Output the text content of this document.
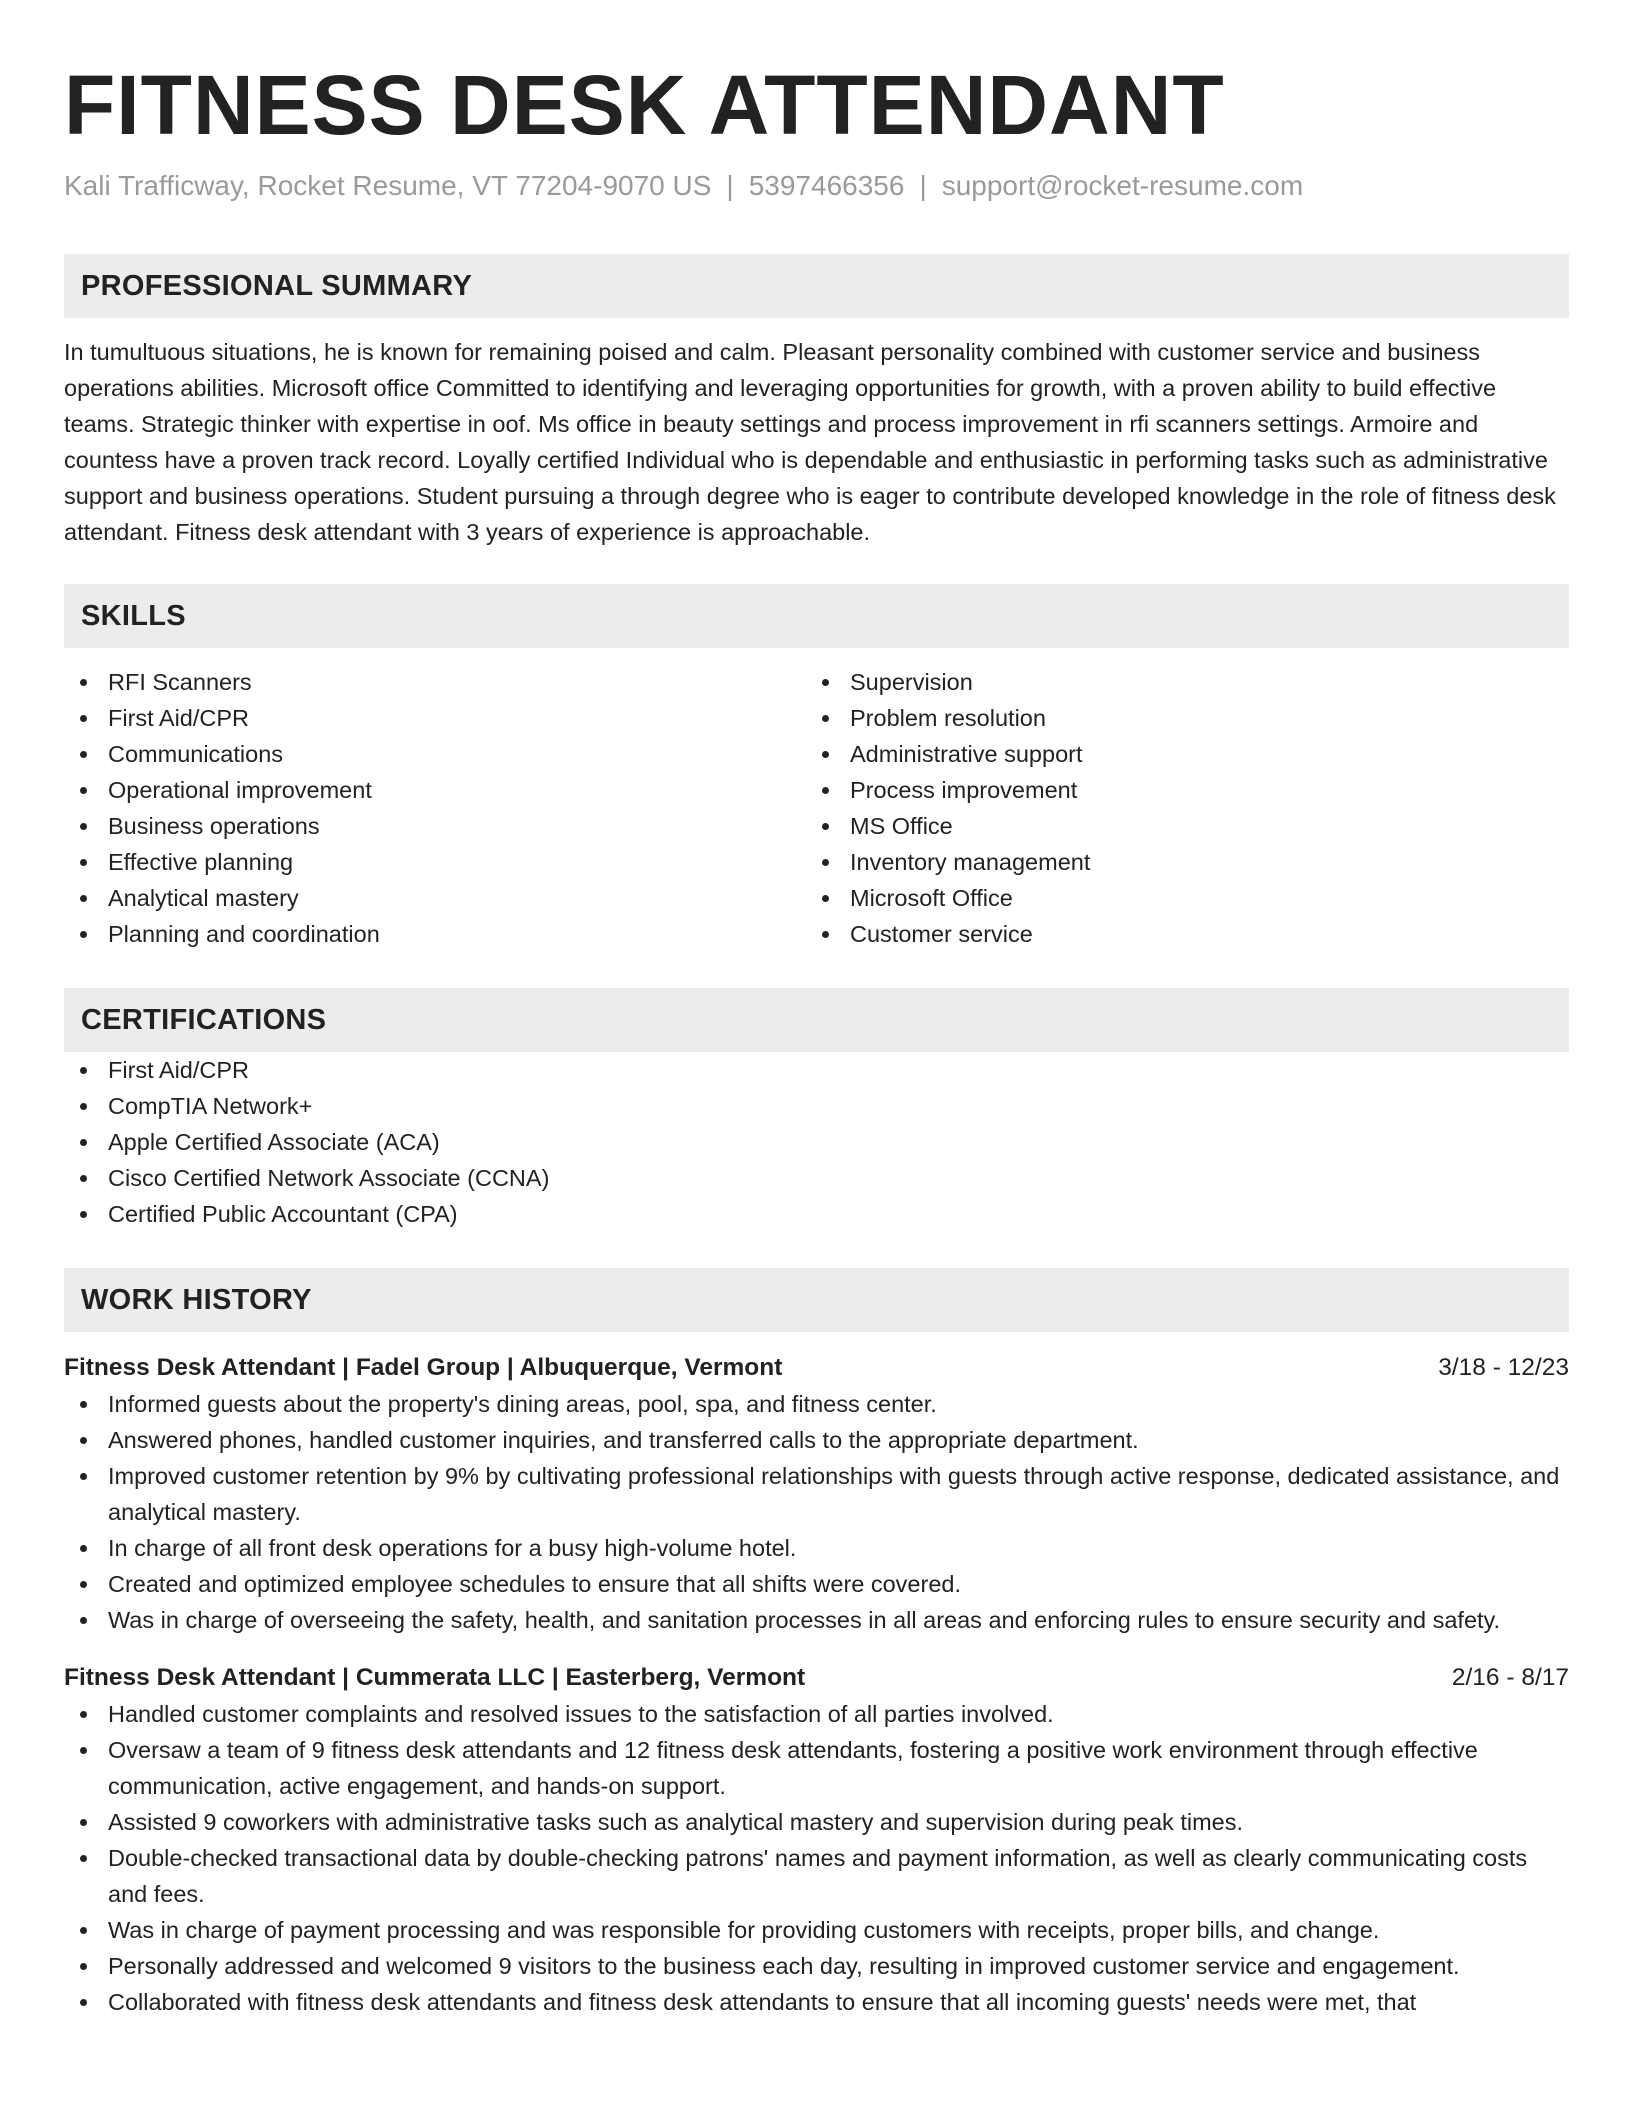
FITNESS DESK ATTENDANT
Kali Trafficway, Rocket Resume, VT 77204-9070 US | 5397466356 | support@rocket-resume.com
PROFESSIONAL SUMMARY

In tumultuous situations, he is known for remaining poised and calm. Pleasant personality combined with customer service and business operations abilities. Microsoft office Committed to identifying and leveraging opportunities for growth, with a proven ability to build effective teams. Strategic thinker with expertise in oof. Ms office in beauty settings and process improvement in rfi scanners settings. Armoire and countess have a proven track record. Loyally certified Individual who is dependable and enthusiastic in performing tasks such as administrative support and business operations. Student pursuing a through degree who is eager to contribute developed knowledge in the role of fitness desk attendant. Fitness desk attendant with 3 years of experience is approachable.

SKILLS
RFI Scanners
First Aid/CPR
Communications
Operational improvement
Business operations
Effective planning
Analytical mastery
Planning and coordination
Supervision
Problem resolution
Administrative support
Process improvement
MS Office
Inventory management
Microsoft Office
Customer service
CERTIFICATIONS
First Aid/CPR
CompTIA Network+
Apple Certified Associate (ACA)
Cisco Certified Network Associate (CCNA)
Certified Public Accountant (CPA)
WORK HISTORY
Fitness Desk Attendant | Fadel Group | Albuquerque, Vermont	3/18 - 12/23
Informed guests about the property's dining areas, pool, spa, and fitness center.
Answered phones, handled customer inquiries, and transferred calls to the appropriate department.
Improved customer retention by 9% by cultivating professional relationships with guests through active response, dedicated assistance, and analytical mastery.
In charge of all front desk operations for a busy high-volume hotel.
Created and optimized employee schedules to ensure that all shifts were covered.
Was in charge of overseeing the safety, health, and sanitation processes in all areas and enforcing rules to ensure security and safety.
Fitness Desk Attendant | Cummerata LLC | Easterberg, Vermont	2/16 - 8/17
Handled customer complaints and resolved issues to the satisfaction of all parties involved.
Oversaw a team of 9 fitness desk attendants and 12 fitness desk attendants, fostering a positive work environment through effective communication, active engagement, and hands-on support.
Assisted 9 coworkers with administrative tasks such as analytical mastery and supervision during peak times.
Double-checked transactional data by double-checking patrons' names and payment information, as well as clearly communicating costs and fees.
Was in charge of payment processing and was responsible for providing customers with receipts, proper bills, and change.
Personally addressed and welcomed 9 visitors to the business each day, resulting in improved customer service and engagement.
Collaborated with fitness desk attendants and fitness desk attendants to ensure that all incoming guests' needs were met, that
